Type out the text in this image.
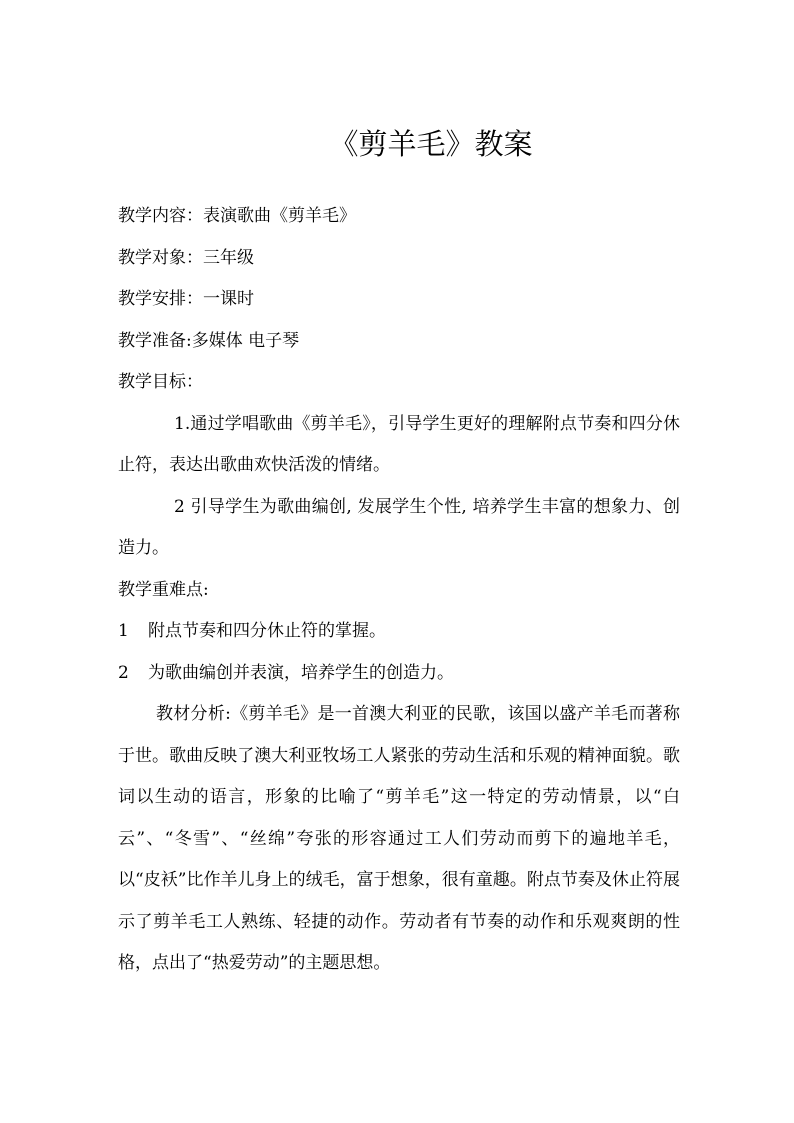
《剪羊毛》教案

教学内容：表演歌曲《剪羊毛》

教学对象：三年级

教学安排：一课时

教学准备:多媒体 电子琴

教学目标：

1.通过学唱歌曲《剪羊毛》，引导学生更好的理解附点节奏和四分休止符，表达出歌曲欢快活泼的情绪。

2 引导学生为歌曲编创, 发展学生个性, 培养学生丰富的想象力、创造力。

教学重难点:

1 附点节奏和四分休止符的掌握。

2 为歌曲编创并表演，培养学生的创造力。

教材分析:《剪羊毛》是一首澳大利亚的民歌，该国以盛产羊毛而著称于世。歌曲反映了澳大利亚牧场工人紧张的劳动生活和乐观的精神面貌。歌词以生动的语言，形象的比喻了“剪羊毛”这一特定的劳动情景，以“白云”、“冬雪”、“丝绵”夸张的形容通过工人们劳动而剪下的遍地羊毛，以“皮袄”比作羊儿身上的绒毛，富于想象，很有童趣。附点节奏及休止符展示了剪羊毛工人熟练、轻捷的动作。劳动者有节奏的动作和乐观爽朗的性格，点出了“热爱劳动”的主题思想。
